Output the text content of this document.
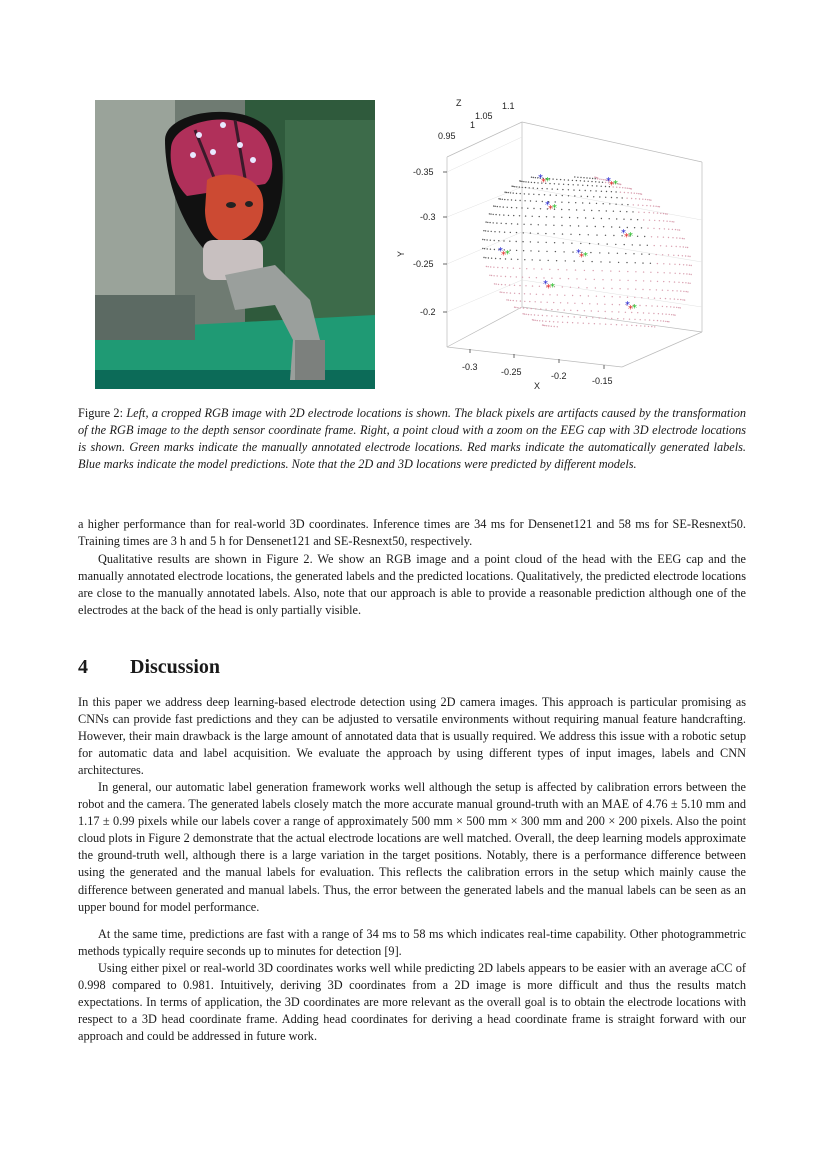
Z
0.95
1
1.05
1.1
-0.35
-0.3
-0.25
-0.2
Y
-0.3	-0.25	-0.2	-0.15
X
*
*
*
*
*
*
*
*
*
*
*
*
*
*
*	*
*
*
*
*
*
*
*
*
Figure 2: Left, a cropped RGB image with 2D electrode locations is shown. The black pixels are artifacts caused by the transformation of the RGB image to the depth sensor coordinate frame. Right, a point cloud with a zoom on the EEG cap with 3D electrode locations is shown. Green marks indicate the manually annotated electrode locations. Red marks indicate the automatically generated labels. Blue marks indicate the model predictions. Note that the 2D and 3D locations were predicted by different models.

a higher performance than for real-world 3D coordinates. Inference times are 34 ms for Densenet121 and 58 ms for SE-Resnext50. Training times are 3 h and 5 h for Densenet121 and SE-Resnext50, respectively.

Qualitative results are shown in Figure 2. We show an RGB image and a point cloud of the head with the EEG cap and the manually annotated electrode locations, the generated labels and the predicted locations. Qualitatively, the predicted electrode locations are close to the manually annotated labels. Also, note that our approach is able to provide a reasonable prediction although one of the electrodes at the back of the head is only partially visible.

4 Discussion

In this paper we address deep learning-based electrode detection using 2D camera images. This approach is particular promising as CNNs can provide fast predictions and they can be adjusted to versatile environments without requiring manual feature handcrafting. However, their main drawback is the large amount of annotated data that is usually required. We address this issue with a robotic setup for automatic data and label acquisition. We evaluate the approach by using different types of input images, labels and CNN architectures.

In general, our automatic label generation framework works well although the setup is affected by calibration errors between the robot and the camera. The generated labels closely match the more accurate manual ground-truth with an MAE of 4.76 ± 5.10 mm and 1.17 ± 0.99 pixels while our labels cover a range of approximately 500 mm × 500 mm × 300 mm and 200 × 200 pixels. Also the point cloud plots in Figure 2 demonstrate that the actual electrode locations are well matched. Overall, the deep learning models approximate the ground-truth well, although there is a large variation in the target positions. Notably, there is a performance difference between using the generated and the manual labels for evaluation. This reflects the calibration errors in the setup which mainly cause the difference between generated and manual labels. Thus, the error between the generated labels and the manual labels can be seen as an upper bound for model performance.

At the same time, predictions are fast with a range of 34 ms to 58 ms which indicates real-time capability. Other photogrammetric methods typically require seconds up to minutes for detection [9].

Using either pixel or real-world 3D coordinates works well while predicting 2D labels appears to be easier with an average aCC of 0.998 compared to 0.981. Intuitively, deriving 3D coordinates from a 2D image is more difficult and thus the results match expectations. In terms of application, the 3D coordinates are more relevant as the overall goal is to obtain the electrode locations with respect to a 3D head coordinate frame. Adding head coordinates for deriving a head coordinate frame is straight forward with our approach and could be addressed in future work.
